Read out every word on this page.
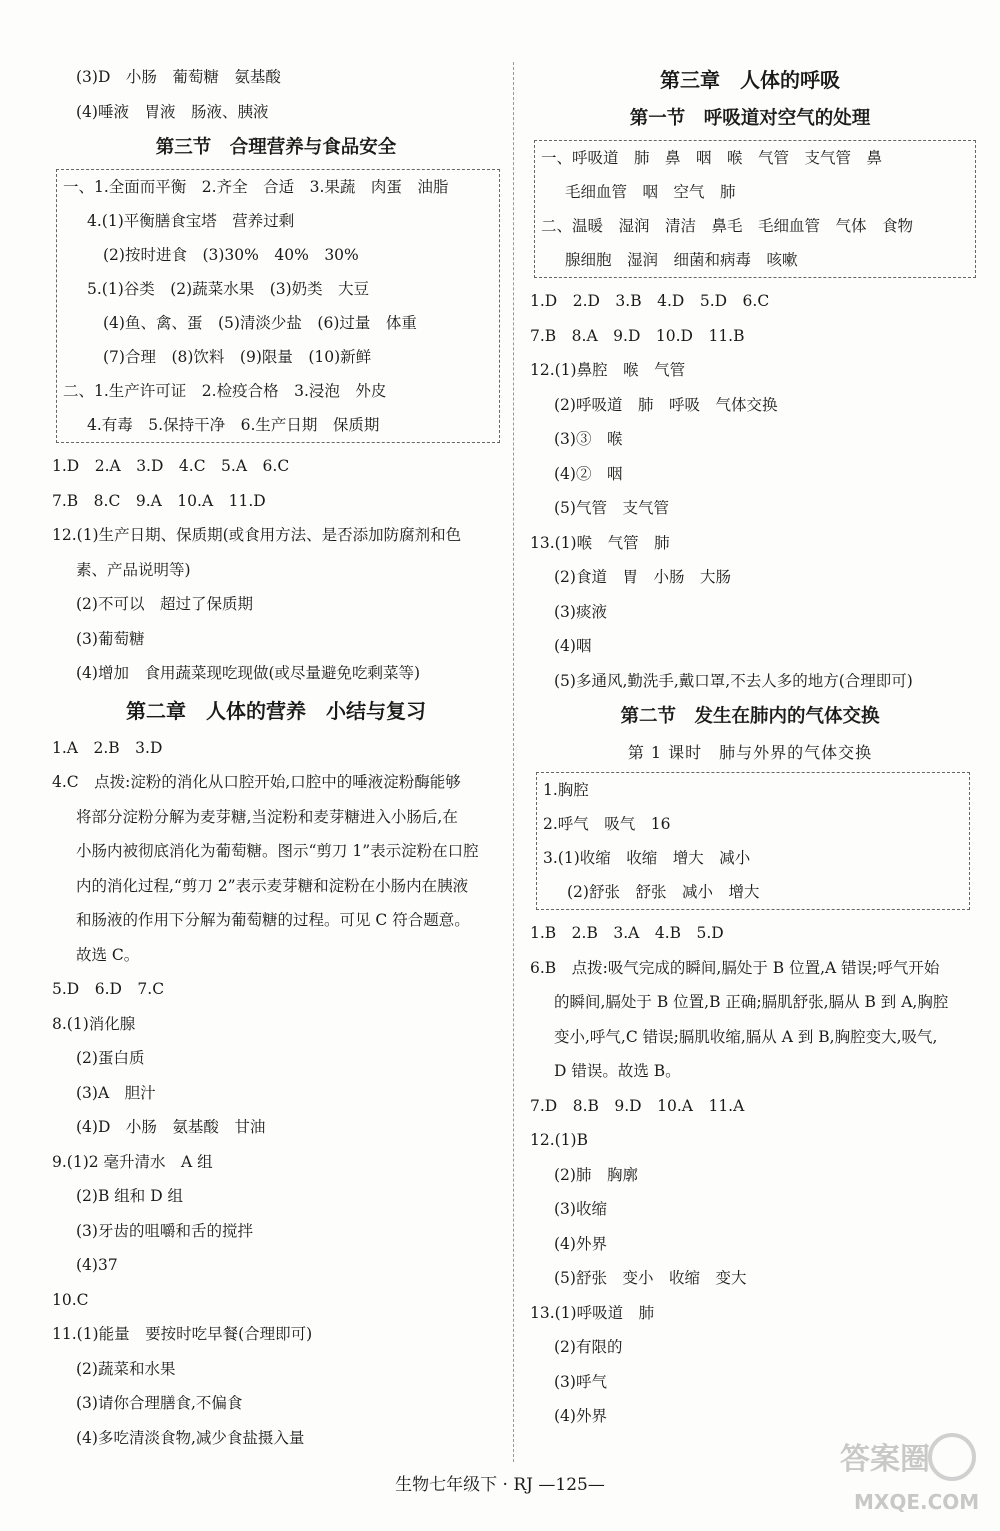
(3)D　小肠　葡萄糖　氨基酸
(4)唾液　胃液　肠液、胰液
第三节　合理营养与食品安全
一、1.全面而平衡　2.齐全　合适　3.果蔬　肉蛋　油脂
4.(1)平衡膳食宝塔　营养过剩
(2)按时进食　(3)30%　40%　30%
5.(1)谷类　(2)蔬菜水果　(3)奶类　大豆
(4)鱼、禽、蛋　(5)清淡少盐　(6)过量　体重
(7)合理　(8)饮料　(9)限量　(10)新鲜
二、1.生产许可证　2.检疫合格　3.浸泡　外皮
4.有毒　5.保持干净　6.生产日期　保质期
1.D　2.A　3.D　4.C　5.A　6.C
7.B　8.C　9.A　10.A　11.D
12.(1)生产日期、保质期(或食用方法、是否添加防腐剂和色
素、产品说明等)
(2)不可以　超过了保质期
(3)葡萄糖
(4)增加　食用蔬菜现吃现做(或尽量避免吃剩菜等)
第二章　人体的营养　小结与复习
1.A　2.B　3.D
4.C　点拨:淀粉的消化从口腔开始,口腔中的唾液淀粉酶能够
将部分淀粉分解为麦芽糖,当淀粉和麦芽糖进入小肠后,在
小肠内被彻底消化为葡萄糖。图示“剪刀 1”表示淀粉在口腔
内的消化过程,“剪刀 2”表示麦芽糖和淀粉在小肠内在胰液
和肠液的作用下分解为葡萄糖的过程。可见 C 符合题意。
故选 C。
5.D　6.D　7.C
8.(1)消化腺
(2)蛋白质
(3)A　胆汁
(4)D　小肠　氨基酸　甘油
9.(1)2 毫升清水　A 组
(2)B 组和 D 组
(3)牙齿的咀嚼和舌的搅拌
(4)37
10.C
11.(1)能量　要按时吃早餐(合理即可)
(2)蔬菜和水果
(3)请你合理膳食,不偏食
(4)多吃清淡食物,减少食盐摄入量
第三章　人体的呼吸
第一节　呼吸道对空气的处理
一、呼吸道　肺　鼻　咽　喉　气管　支气管　鼻
毛细血管　咽　空气　肺
二、温暖　湿润　清洁　鼻毛　毛细血管　气体　食物
腺细胞　湿润　细菌和病毒　咳嗽
1.D　2.D　3.B　4.D　5.D　6.C
7.B　8.A　9.D　10.D　11.B
12.(1)鼻腔　喉　气管
(2)呼吸道　肺　呼吸　气体交换
(3)③　喉
(4)②　咽
(5)气管　支气管
13.(1)喉　气管　肺
(2)食道　胃　小肠　大肠
(3)痰液
(4)咽
(5)多通风,勤洗手,戴口罩,不去人多的地方(合理即可)
第二节　发生在肺内的气体交换
第 1 课时　肺与外界的气体交换
1.胸腔
2.呼气　吸气　16
3.(1)收缩　收缩　增大　减小
(2)舒张　舒张　减小　增大
1.B　2.B　3.A　4.B　5.D
6.B　点拨:吸气完成的瞬间,膈处于 B 位置,A 错误;呼气开始
的瞬间,膈处于 B 位置,B 正确;膈肌舒张,膈从 B 到 A,胸腔
变小,呼气,C 错误;膈肌收缩,膈从 A 到 B,胸腔变大,吸气,
D 错误。故选 B。
7.D　8.B　9.D　10.A　11.A
12.(1)B
(2)肺　胸廓
(3)收缩
(4)外界
(5)舒张　变小　收缩　变大
13.(1)呼吸道　肺
(2)有限的
(3)呼气
(4)外界
生物七年级下 · RJ —125—
答案圈
MXQE.COM
